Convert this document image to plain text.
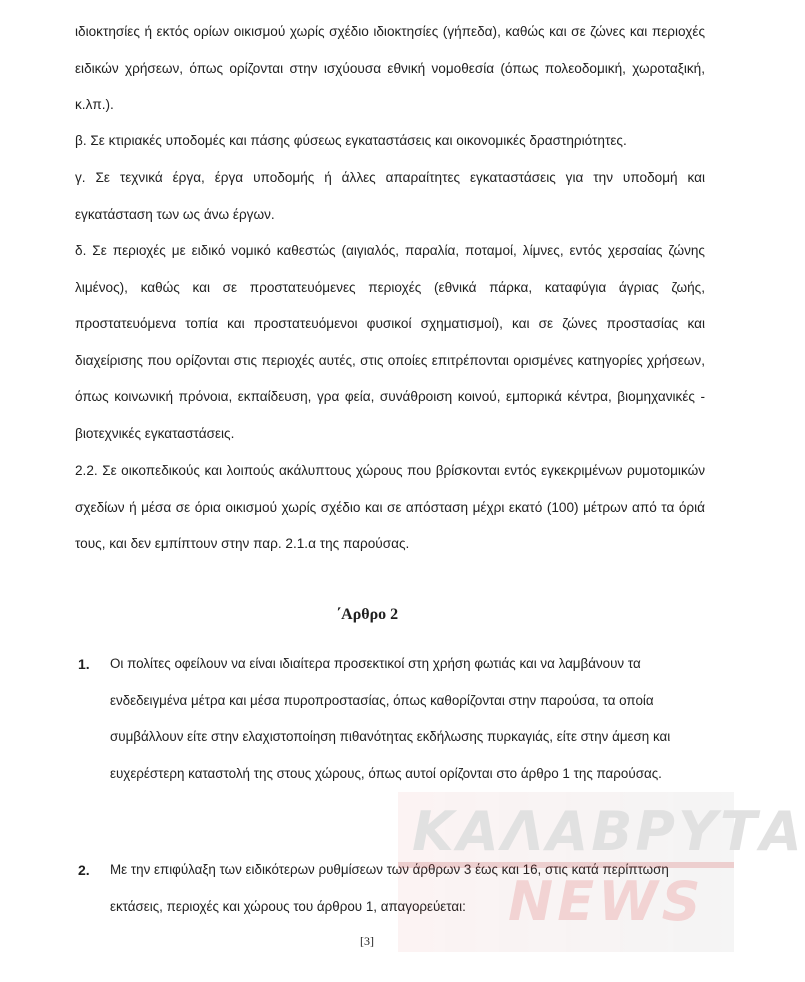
ιδιοκτησίες ή εκτός ορίων οικισμού χωρίς σχέδιο ιδιοκτησίες (γήπεδα), καθώς και σε ζώνες και περιοχές ειδικών χρήσεων, όπως ορίζονται στην ισχύουσα εθνική νομοθεσία (όπως πολεοδομική, χωροταξική, κ.λπ.).

β. Σε κτιριακές υποδομές και πάσης φύσεως εγκαταστάσεις και οικονομικές δραστηριότητες.

γ. Σε τεχνικά έργα, έργα υποδομής ή άλλες απαραίτητες εγκαταστάσεις για την υποδομή και εγκατάσταση των ως άνω έργων.

δ. Σε περιοχές με ειδικό νομικό καθεστώς (αιγιαλός, παραλία, ποταμοί, λίμνες, εντός χερσαίας ζώνης λιμένος), καθώς και σε προστατευόμενες περιοχές (εθνικά πάρκα, καταφύγια άγριας ζωής, προστατευόμενα τοπία και προστατευόμενοι φυσικοί σχηματισμοί), και σε ζώνες προστασίας και διαχείρισης που ορίζονται στις περιοχές αυτές, στις οποίες επιτρέπονται ορισμένες κατηγορίες χρήσεων, όπως κοινωνική πρόνοια, εκπαίδευση, γρα φεία, συνάθροιση κοινού, εμπορικά κέντρα, βιομηχανικές - βιοτεχνικές εγκαταστάσεις.

2.2. Σε οικοπεδικούς και λοιπούς ακάλυπτους χώρους που βρίσκονται εντός εγκεκριμένων ρυμοτομικών σχεδίων ή μέσα σε όρια οικισμού χωρίς σχέδιο και σε απόσταση μέχρι εκατό (100) μέτρων από τα όριά τους, και δεν εμπίπτουν στην παρ. 2.1.α της παρούσας.

΄Αρθρο 2
1. Οι πολίτες οφείλουν να είναι ιδιαίτερα προσεκτικοί στη χρήση φωτιάς και να λαμβάνουν τα ενδεδειγμένα μέτρα και μέσα πυροπροστασίας, όπως καθορίζονται στην παρούσα, τα οποία συμβάλλουν είτε στην ελαχιστοποίηση πιθανότητας εκδήλωσης πυρκαγιάς, είτε στην άμεση και ευχερέστερη καταστολή της στους χώρους, όπως αυτοί ορίζονται στο άρθρο 1 της παρούσας.

2. Με την επιφύλαξη των ειδικότερων ρυθμίσεων των άρθρων 3 έως και 16, στις κατά περίπτωση εκτάσεις, περιοχές και χώρους του άρθρου 1, απαγορεύεται:

[3]
ΚΑΛΑΒΡΥΤΑ
NEWS
